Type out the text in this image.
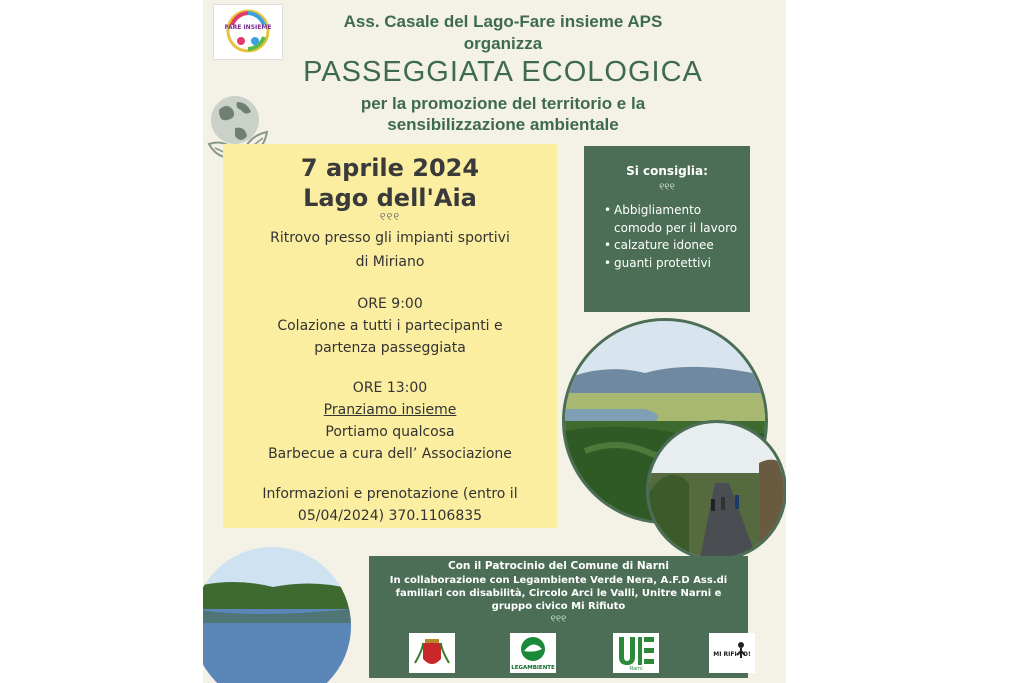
FARE INSIEME	Ass. Casale del Lago-Fare insieme APS
organizza
PASSEGGIATA ECOLOGICA
per la promozione del territorio e la
sensibilizzazione ambientale
7 aprile 2024
Lago dell'Aia
୧୧୧
Ritrovo presso gli impianti sportivi
di Miriano
ORE 9:00
Colazione a tutti i partecipanti e
partenza passeggiata
ORE 13:00
Pranziamo insieme
Portiamo qualcosa
Barbecue a cura dell’ Associazione
Informazioni e prenotazione (entro il
05/04/2024) 370.1106835
Si consiglia:
୧୧୧
• Abbigliamento comodo per il lavoro
• calzature idonee
• guanti protettivi
Con il Patrocinio del Comune di Narni
In collaborazione con Legambiente Verde Nera, A.F.D Ass.di familiari con disabilità, Circolo Arci le Valli, Unitre Narni e gruppo civico Mi Rifiuto
୧୧୧
LEGAMBIENTE	Narni
MI RIFI TO!
